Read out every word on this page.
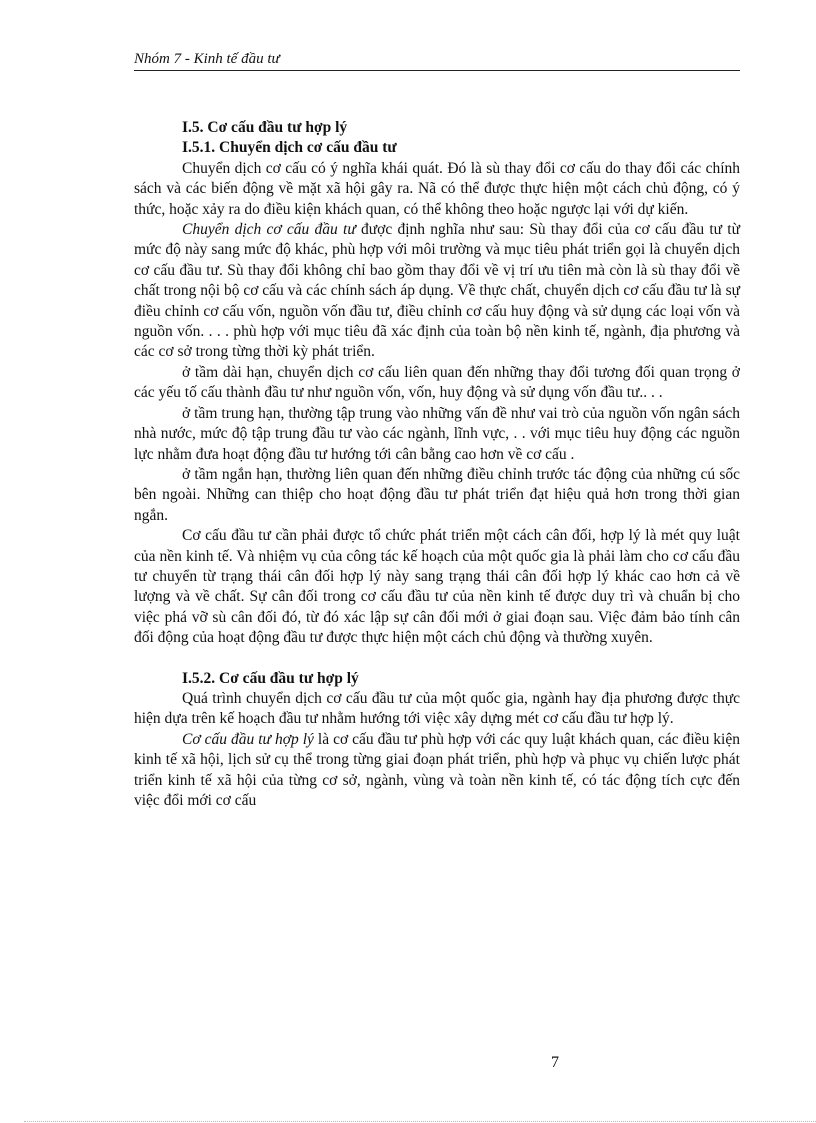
Nhóm 7 - Kinh tế đầu tư
I.5. Cơ cấu đầu tư hợp lý
I.5.1. Chuyển dịch cơ cấu đầu tư

Chuyển dịch cơ cấu có ý nghĩa khái quát. Đó là sù thay đổi cơ cấu do thay đổi các chính sách và các biến động về mặt xã hội gây ra. Nã có thể được thực hiện một cách chủ động, có ý thức, hoặc xảy ra do điều kiện khách quan, có thể không theo hoặc ngược lại với dự kiến.

Chuyển dịch cơ cấu đầu tư được định nghĩa như sau: Sù thay đổi của cơ cấu đầu tư từ mức độ này sang mức độ khác, phù hợp với môi trường và mục tiêu phát triển gọi là chuyển dịch cơ cấu đầu tư. Sù thay đổi không chỉ bao gồm thay đổi về vị trí ưu tiên mà còn là sù thay đổi về chất trong nội bộ cơ cấu và các chính sách áp dụng. Về thực chất, chuyển dịch cơ cấu đầu tư là sự điều chỉnh cơ cấu vốn, nguồn vốn đầu tư, điều chỉnh cơ cấu huy động và sử dụng các loại vốn và nguồn vốn. . . . phù hợp với mục tiêu đã xác định của toàn bộ nền kinh tế, ngành, địa phương và các cơ sở trong từng thời kỳ phát triển.

ở tầm dài hạn, chuyển dịch cơ cấu liên quan đến những thay đổi tương đối quan trọng ở các yếu tố cấu thành đầu tư như nguồn vốn, vốn, huy động và sử dụng vốn đầu tư.. . .

ở tầm trung hạn, thường tập trung vào những vấn đề như vai trò của nguồn vốn ngân sách nhà nước, mức độ tập trung đầu tư vào các ngành, lĩnh vực, . . với mục tiêu huy động các nguồn lực nhằm đưa hoạt động đầu tư hướng tới cân bằng cao hơn về cơ cấu .

ở tầm ngắn hạn, thường liên quan đến những điều chỉnh trước tác động của những cú sốc bên ngoài. Những can thiệp cho hoạt động đầu tư phát triển đạt hiệu quả hơn trong thời gian ngắn.

Cơ cấu đầu tư cần phải được tổ chức phát triển một cách cân đối, hợp lý là mét quy luật của nền kinh tế. Và nhiệm vụ của công tác kế hoạch của một quốc gia là phải làm cho cơ cấu đầu tư chuyển từ trạng thái cân đối hợp lý này sang trạng thái cân đối hợp lý khác cao hơn cả về lượng và về chất. Sự cân đối trong cơ cấu đầu tư của nền kinh tế được duy trì và chuẩn bị cho việc phá vỡ sù cân đối đó, từ đó xác lập sự cân đối mới ở giai đoạn sau. Việc đảm bảo tính cân đối động của hoạt động đầu tư được thực hiện một cách chủ động và thường xuyên.

I.5.2. Cơ cấu đầu tư hợp lý

Quá trình chuyển dịch cơ cấu đầu tư của một quốc gia, ngành hay địa phương được thực hiện dựa trên kế hoạch đầu tư nhằm hướng tới việc xây dựng mét cơ cấu đầu tư hợp lý.

Cơ cấu đầu tư hợp lý là cơ cấu đầu tư phù hợp với các quy luật khách quan, các điều kiện kinh tế xã hội, lịch sử cụ thể trong từng giai đoạn phát triển, phù hợp và phục vụ chiến lược phát triển kinh tế xã hội của từng cơ sở, ngành, vùng và toàn nền kinh tế, có tác động tích cực đến việc đổi mới cơ cấu

7
